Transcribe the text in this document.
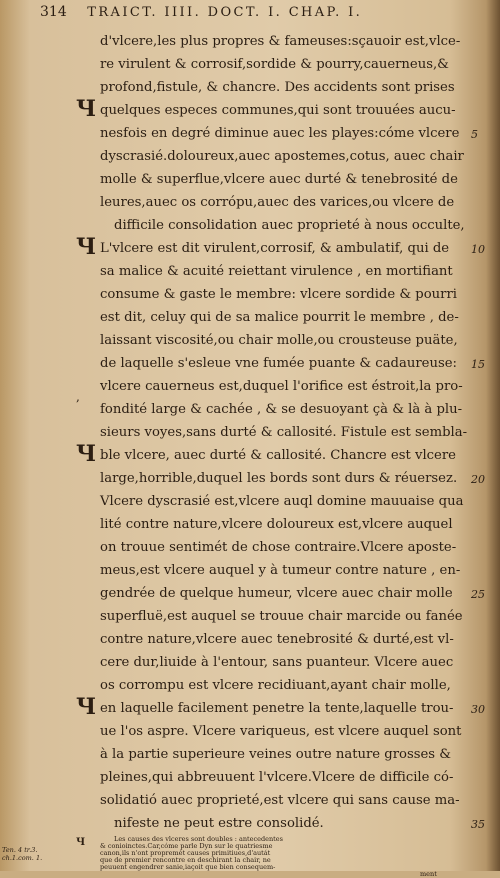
314 TRAICT. IIII. DOCT. I. CHAP. I.
d'vlcere,les plus propres & fameuses:sçauoir est,vlce-
re virulent & corrosif,sordide & pourry,cauerneus,&
profond,fistule, & chancre. Des accidents sont prises
Ч quelques especes communes,qui sont trouuées aucu-
nesfois en degré diminue auec les playes:cóme vlcere	5
dyscrasié.doloureux,auec apostemes,cotus, auec chair
molle & superflue,vlcere auec durté & tenebrosité de
leures,auec os corrópu,auec des varices,ou vlcere de
difficile consolidation auec proprieté à nous occulte,
Ч L'vlcere est dit virulent,corrosif, & ambulatif, qui de	10
sa malice & acuité reiettant virulence , en mortifiant
consume & gaste le membre: vlcere sordide & pourri
est dit, celuy qui de sa malice pourrit le membre , de-
laissant viscosité,ou chair molle,ou crousteuse puäte,
de laquelle s'esleue vne fumée puante & cadaureuse:	15
vlcere cauerneus est,duquel l'orifice est éstroit,la pro-
,
fondité large & cachée , & se desuoyant çà & là à plu-
sieurs voyes,sans durté & callosité. Fistule est sembla-
Ч ble vlcere, auec durté & callosité. Chancre est vlcere
large,horrible,duquel les bords sont durs & réuersez.	20
Vlcere dyscrasié est,vlcere auql domine mauuaise qua
lité contre nature,vlcere doloureux est,vlcere auquel
on trouue sentimét de chose contraire.Vlcere aposte-
meus,est vlcere auquel y à tumeur contre nature , en-
gendrée de quelque humeur, vlcere auec chair molle	25
superfluë,est auquel se trouue chair marcide ou fanée
contre nature,vlcere auec tenebrosité & durté,est vl-
cere dur,liuide à l'entour, sans puanteur. Vlcere auec
os corrompu est vlcere recidiuant,ayant chair molle,
Ч en laquelle facilement penetre la tente,laquelle trou-	30
ue l'os aspre. Vlcere variqueus, est vlcere auquel sont
à la partie superieure veines outre nature grosses &
pleines,qui abbreuuent l'vlcere.Vlcere de difficile có-
solidatió auec proprieté,est vlcere qui sans cause ma-
nifeste ne peut estre consolidé.	35
Les causes des vlceres sont doubles : antecedentes
& conioinctes.Car,cóme parle Dyn sur le quatriesme
canon,ils n'ont propremét causes primitiues,d'autát
que de premier rencontre en deschirant la chair, ne
peuuent engendrer sanie,iaçoit que bien consequem-
ment
Ч
Ten. 4 tr.3.
ch.1.com. 1.
